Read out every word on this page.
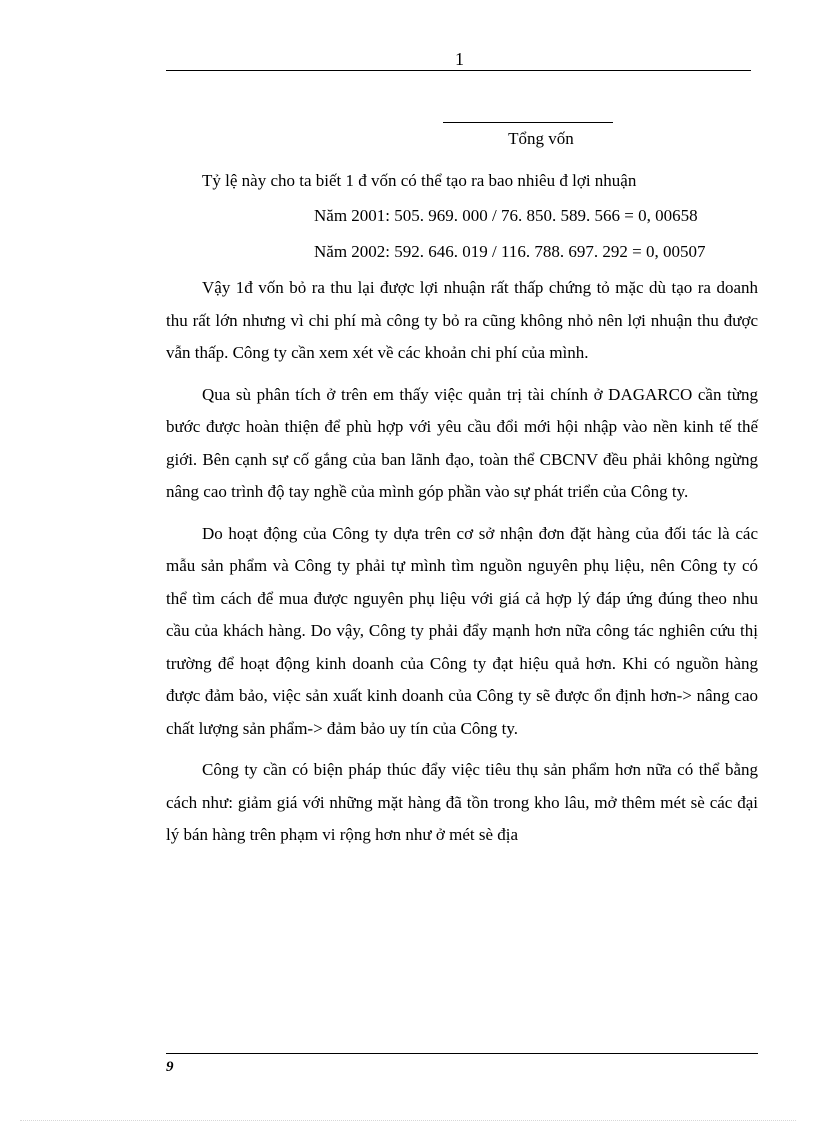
1
Tổng vốn
Tỷ lệ này cho ta biết 1 đ vốn có thể tạo ra bao nhiêu đ lợi nhuận
Năm 2001: 505. 969. 000 / 76. 850. 589. 566 = 0, 00658
Năm 2002: 592. 646. 019 / 116. 788. 697. 292 = 0, 00507

Vậy 1đ vốn bỏ ra thu lại được lợi nhuận rất thấp chứng tỏ mặc dù tạo ra doanh thu rất lớn nhưng vì chi phí mà công ty bỏ ra cũng không nhỏ nên lợi nhuận thu được vẫn thấp. Công ty cần xem xét về các khoản chi phí của mình.

Qua sù phân tích ở trên em thấy việc quản trị tài chính ở DAGARCO cần từng bước được hoàn thiện để phù hợp với yêu cầu đổi mới hội nhập vào nền kinh tế thế giới. Bên cạnh sự cố gắng của ban lãnh đạo, toàn thể CBCNV đều phải không ngừng nâng cao trình độ tay nghề của mình góp phần vào sự phát triển của Công ty.

Do hoạt động của Công ty dựa trên cơ sở nhận đơn đặt hàng của đối tác là các mẫu sản phẩm và Công ty phải tự mình tìm nguồn nguyên phụ liệu, nên Công ty có thể tìm cách để mua được nguyên phụ liệu với giá cả hợp lý đáp ứng đúng theo nhu cầu của khách hàng. Do vậy, Công ty phải đẩy mạnh hơn nữa công tác nghiên cứu thị trường để hoạt động kinh doanh của Công ty đạt hiệu quả hơn. Khi có nguồn hàng được đảm bảo, việc sản xuất kinh doanh của Công ty sẽ được ổn định hơn-> nâng cao chất lượng sản phẩm-> đảm bảo uy tín của Công ty.

Công ty cần có biện pháp thúc đẩy việc tiêu thụ sản phẩm hơn nữa có thể bằng cách như: giảm giá với những mặt hàng đã tồn trong kho lâu, mở thêm mét sè các đại lý bán hàng trên phạm vi rộng hơn như ở mét sè địa

9
